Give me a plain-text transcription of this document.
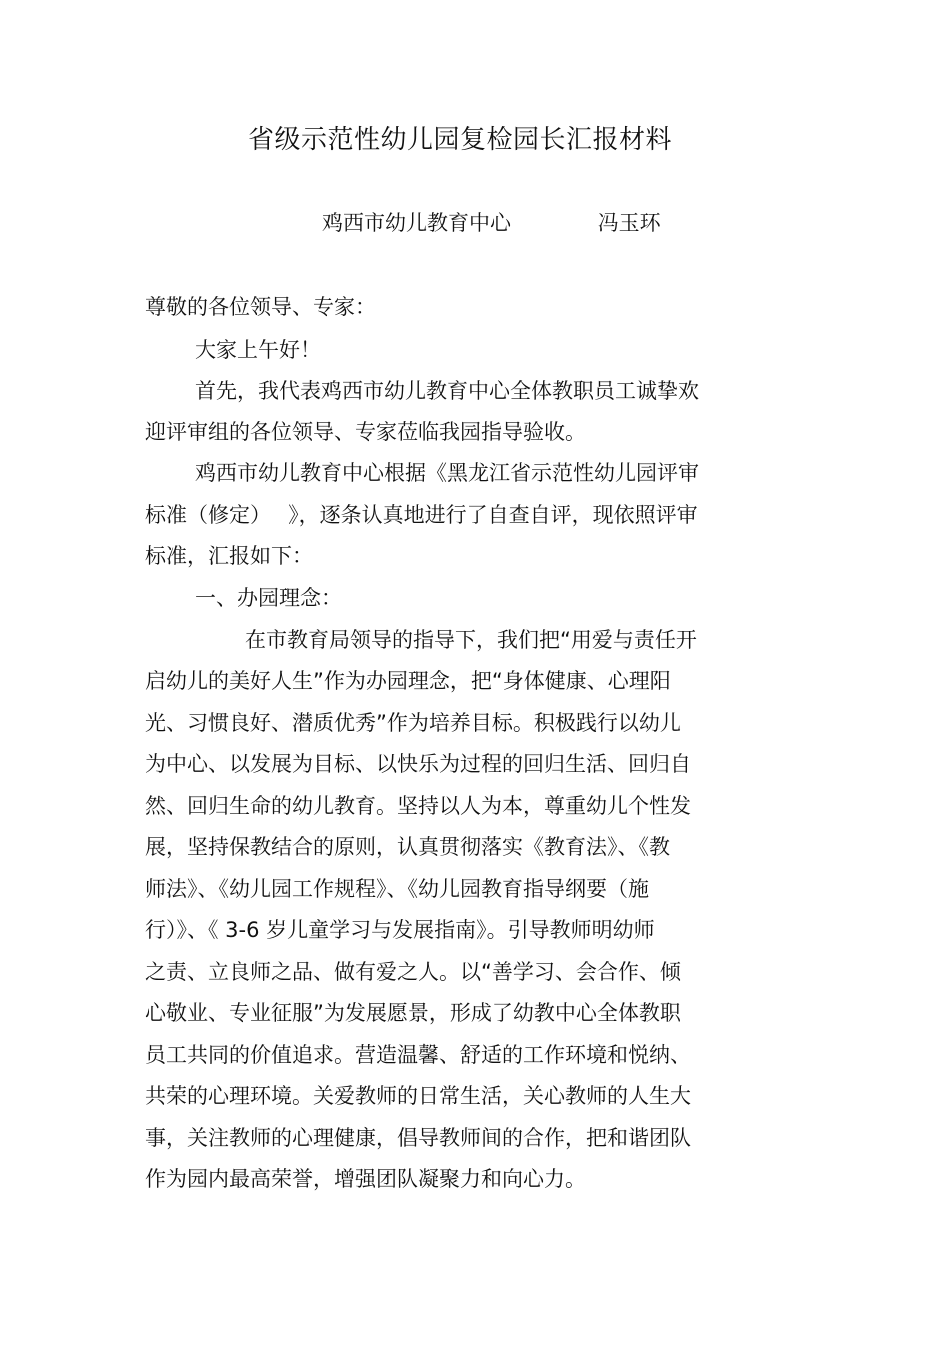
省级示范性幼儿园复检园长汇报材料
鸡西市幼儿教育中心	冯玉环
尊敬的各位领导、专家：
大家上午好！
首先，我代表鸡西市幼儿教育中心全体教职员工诚挚欢
迎评审组的各位领导、专家莅临我园指导验收。
鸡西市幼儿教育中心根据《黑龙江省示范性幼儿园评审
标准（修定）　 》，逐条认真地进行了自查自评，现依照评审
标准，汇报如下：
一、办园理念：
在市教育局领导的指导下，我们把“用爱与责任开
启幼儿的美好人生”作为办园理念，把“身体健康、心理阳
光、习惯良好、潜质优秀”作为培养目标。积极践行以幼儿
为中心、以发展为目标、以快乐为过程的回归生活、回归自
然、回归生命的幼儿教育。坚持以人为本，尊重幼儿个性发
展，坚持保教结合的原则，认真贯彻落实《教育法》、《教
师法》、《幼儿园工作规程》、《幼儿园教育指导纲要（施
行）》、《 3-6 岁儿童学习与发展指南》。引导教师明幼师
之责、立良师之品、做有爱之人。以“善学习、会合作、倾
心敬业、专业征服”为发展愿景，形成了幼教中心全体教职
员工共同的价值追求。营造温馨、舒适的工作环境和悦纳、
共荣的心理环境。关爱教师的日常生活，关心教师的人生大
事，关注教师的心理健康，倡导教师间的合作，把和谐团队
作为园内最高荣誉，增强团队凝聚力和向心力。
